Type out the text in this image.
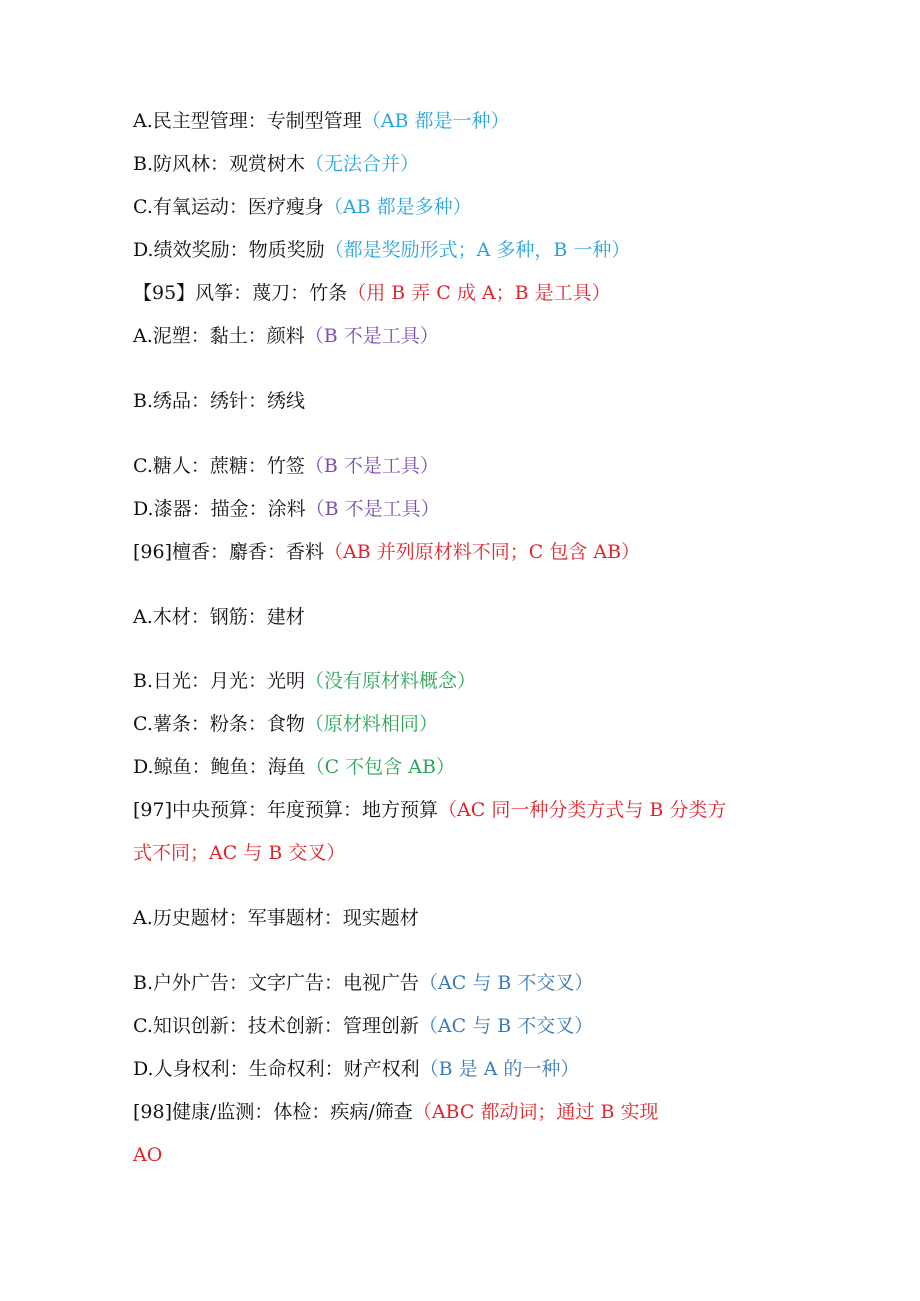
A.民主型管理：专制型管理（AB 都是一种）
B.防风林：观赏树木（无法合并）
C.有氧运动：医疗瘦身（AB 都是多种）
D.绩效奖励：物质奖励（都是奖励形式；A 多种，B 一种）
【95】风筝：蔑刀：竹条（用 B 弄 C 成 A；B 是工具）
A.泥塑：黏土：颜料（B 不是工具）
B.绣品：绣针：绣线
C.糖人：蔗糖：竹签（B 不是工具）
D.漆器：描金：涂料（B 不是工具）
[96]檀香：麝香：香料（AB 并列原材料不同；C 包含 AB）
A.木材：钢筋：建材
B.日光：月光：光明（没有原材料概念）
C.薯条：粉条：食物（原材料相同）
D.鲸鱼：鲍鱼：海鱼（C 不包含 AB）
[97]中央预算：年度预算：地方预算（AC 同一种分类方式与 B 分类方
式不同；AC 与 B 交叉）
A.历史题材：军事题材：现实题材
B.户外广告：文字广告：电视广告（AC 与 B 不交叉）
C.知识创新：技术创新：管理创新（AC 与 B 不交叉）
D.人身权利：生命权利：财产权利（B 是 A 的一种）
[98]健康/监测：体检：疾病/筛查（ABC 都动词；通过 B 实现
AO
